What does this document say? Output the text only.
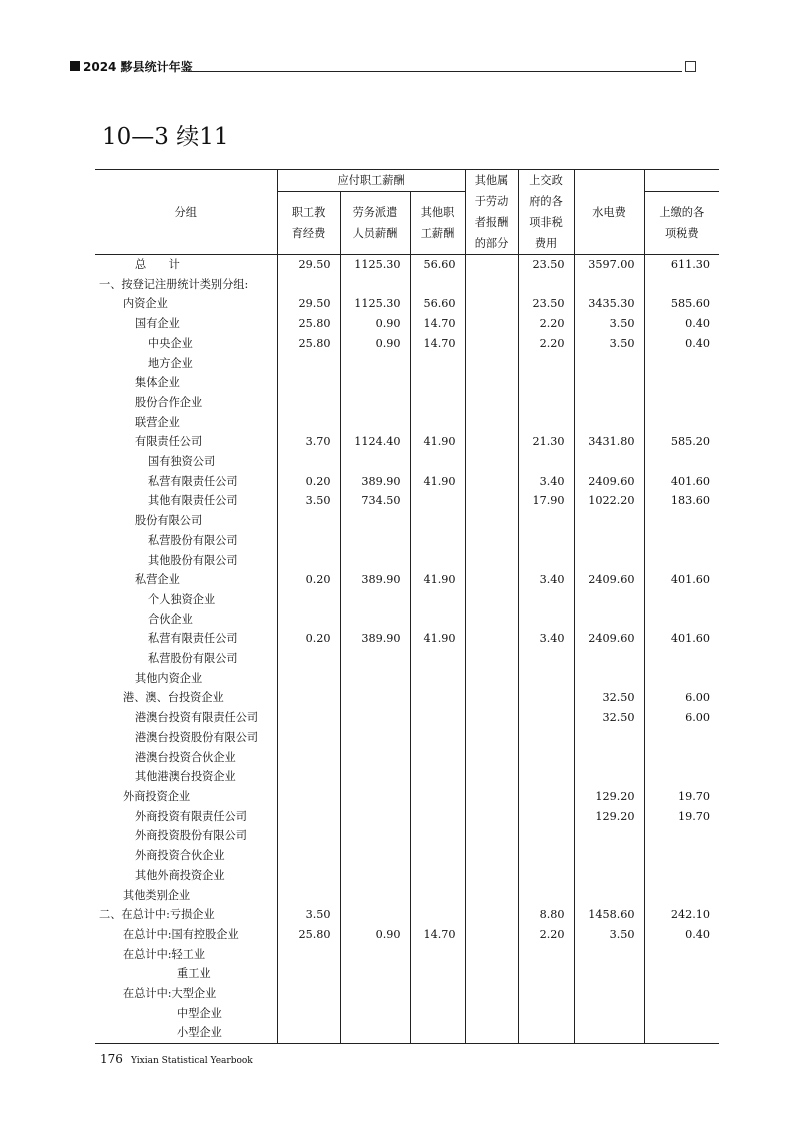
2024 黟县统计年鉴
10—3 续11
分组	应付职工薪酬			其他属
于劳动
者报酬
的部分	上交政
府的各
项非税
费用	水电费	
	职工教
育经费	劳务派遣
人员薪酬	其他职
工薪酬				上缴的各
项税费
总　　计	29.50	1125.30	56.60		23.50	3597.00	611.30
一、按登记注册统计类别分组:							
内资企业	29.50	1125.30	56.60		23.50	3435.30	585.60
国有企业	25.80	0.90	14.70		2.20	3.50	0.40
中央企业	25.80	0.90	14.70		2.20	3.50	0.40
地方企业							
集体企业							
股份合作企业							
联营企业							
有限责任公司	3.70	1124.40	41.90		21.30	3431.80	585.20
国有独资公司							
私营有限责任公司	0.20	389.90	41.90		3.40	2409.60	401.60
其他有限责任公司	3.50	734.50			17.90	1022.20	183.60
股份有限公司							
私营股份有限公司							
其他股份有限公司							
私营企业	0.20	389.90	41.90		3.40	2409.60	401.60
个人独资企业							
合伙企业							
私营有限责任公司	0.20	389.90	41.90		3.40	2409.60	401.60
私营股份有限公司							
其他内资企业							
港、澳、台投资企业						32.50	6.00
港澳台投资有限责任公司						32.50	6.00
港澳台投资股份有限公司							
港澳台投资合伙企业							
其他港澳台投资企业							
外商投资企业						129.20	19.70
外商投资有限责任公司						129.20	19.70
外商投资股份有限公司							
外商投资合伙企业							
其他外商投资企业							
其他类别企业							
二、在总计中:亏损企业	3.50				8.80	1458.60	242.10
在总计中:国有控股企业	25.80	0.90	14.70		2.20	3.50	0.40
在总计中:轻工业							
重工业							
在总计中:大型企业							
中型企业							
小型企业							

176 Yixian Statistical Yearbook
